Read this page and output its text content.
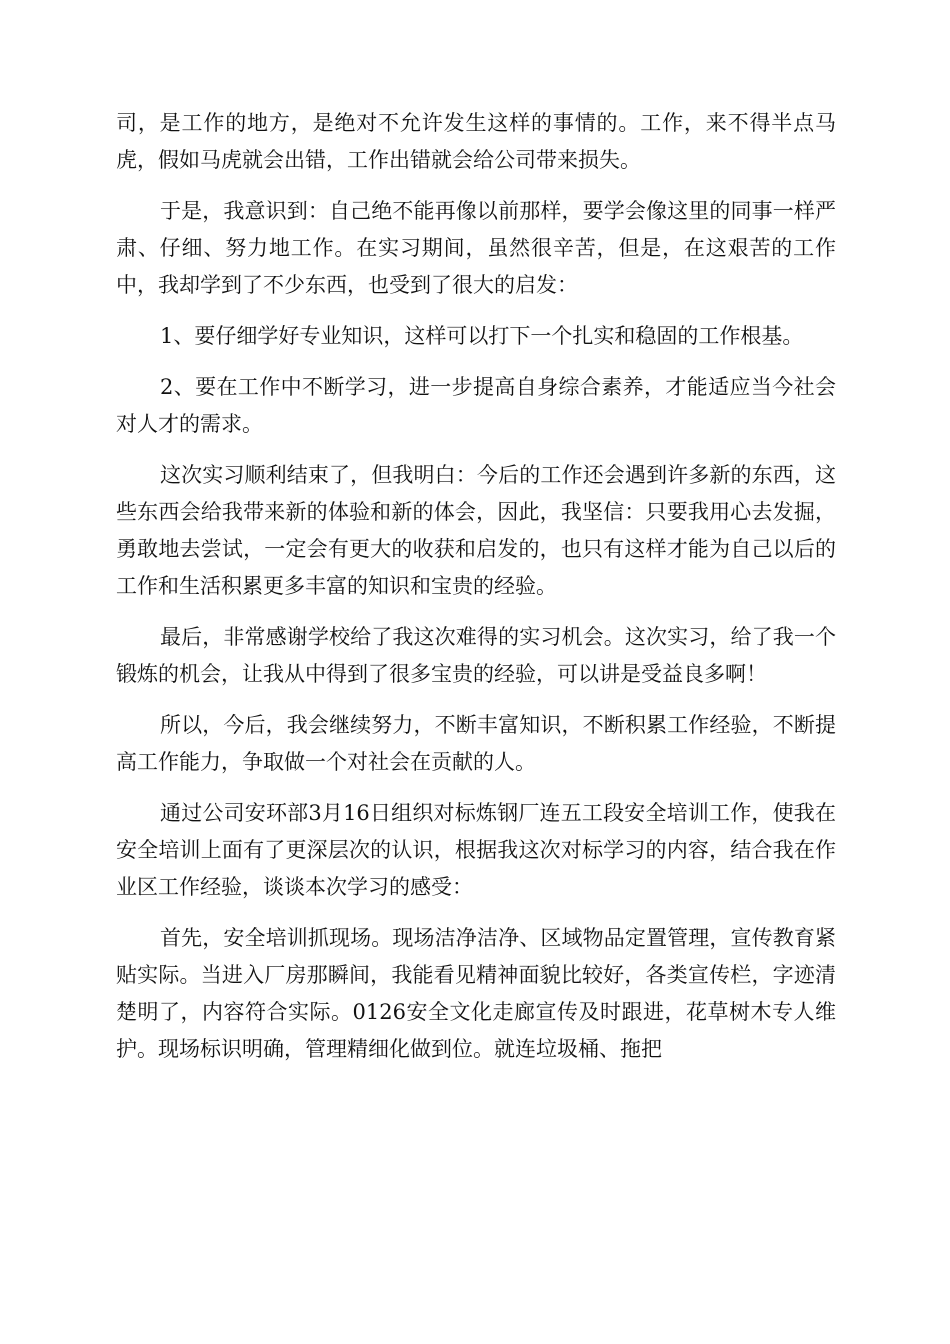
司，是工作的地方，是绝对不允许发生这样的事情的。工作，来不得半点马虎，假如马虎就会出错，工作出错就会给公司带来损失。

于是，我意识到：自己绝不能再像以前那样，要学会像这里的同事一样严肃、仔细、努力地工作。在实习期间，虽然很辛苦，但是，在这艰苦的工作中，我却学到了不少东西，也受到了很大的启发：

1、要仔细学好专业知识，这样可以打下一个扎实和稳固的工作根基。

2、要在工作中不断学习，进一步提高自身综合素养，才能适应当今社会对人才的需求。

这次实习顺利结束了，但我明白：今后的工作还会遇到许多新的东西，这些东西会给我带来新的体验和新的体会，因此，我坚信：只要我用心去发掘，勇敢地去尝试，一定会有更大的收获和启发的，也只有这样才能为自己以后的工作和生活积累更多丰富的知识和宝贵的经验。

最后，非常感谢学校给了我这次难得的实习机会。这次实习，给了我一个锻炼的机会，让我从中得到了很多宝贵的经验，可以讲是受益良多啊！

所以，今后，我会继续努力，不断丰富知识，不断积累工作经验，不断提高工作能力，争取做一个对社会在贡献的人。

通过公司安环部3月16日组织对标炼钢厂连五工段安全培训工作，使我在安全培训上面有了更深层次的认识，根据我这次对标学习的内容，结合我在作业区工作经验，谈谈本次学习的感受：

首先，安全培训抓现场。现场洁净洁净、区域物品定置管理，宣传教育紧贴实际。当进入厂房那瞬间，我能看见精神面貌比较好，各类宣传栏，字迹清楚明了，内容符合实际。0126安全文化走廊宣传及时跟进，花草树木专人维护。现场标识明确，管理精细化做到位。就连垃圾桶、拖把
